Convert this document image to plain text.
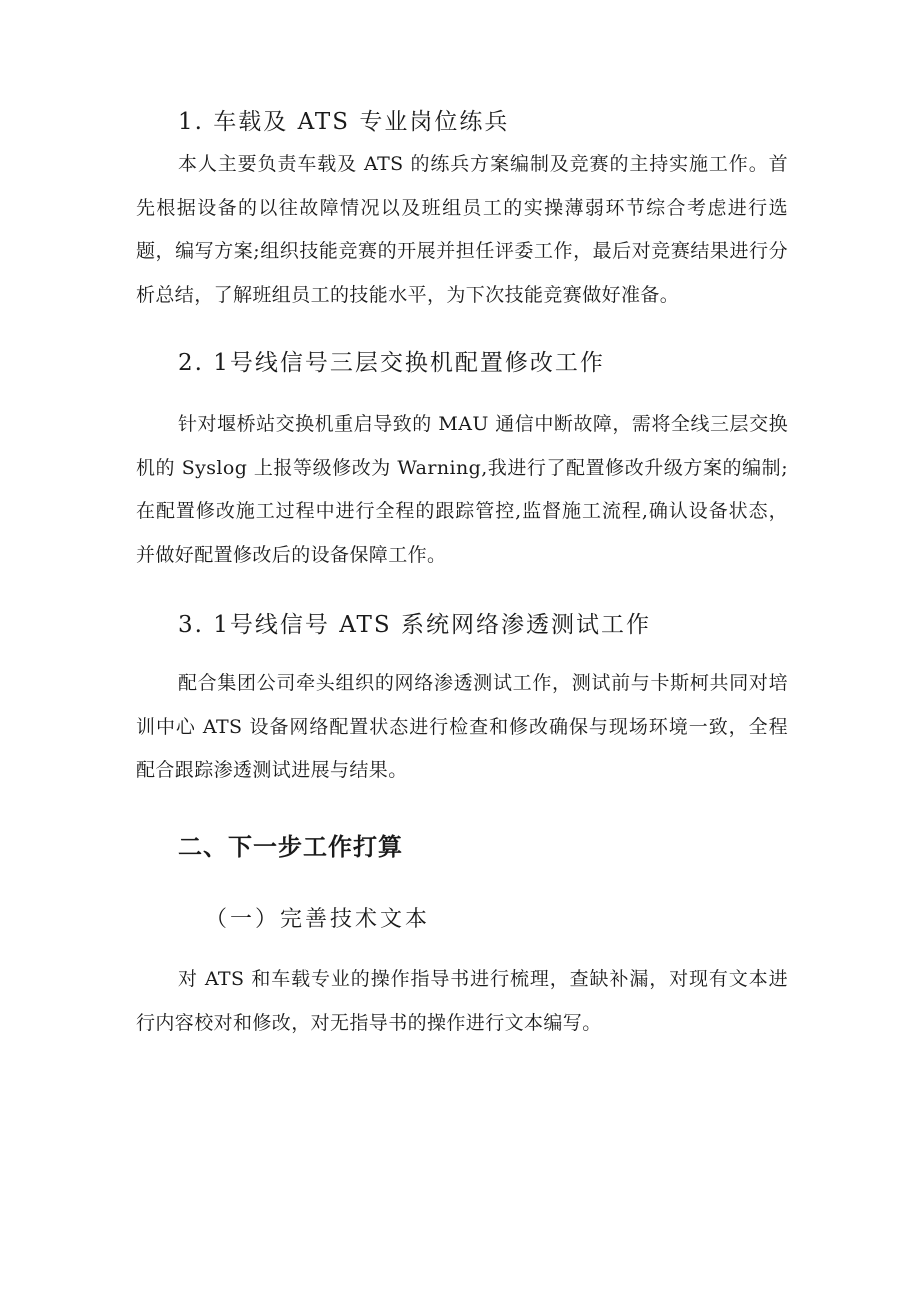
1. 车载及 ATS 专业岗位练兵

本人主要负责车载及 ATS 的练兵方案编制及竞赛的主持实施工作。首先根据设备的以往故障情况以及班组员工的实操薄弱环节综合考虑进行选题，编写方案;组织技能竞赛的开展并担任评委工作，最后对竞赛结果进行分析总结，了解班组员工的技能水平，为下次技能竞赛做好准备。

2. 1号线信号三层交换机配置修改工作

针对堰桥站交换机重启导致的 MAU 通信中断故障，需将全线三层交换机的 Syslog 上报等级修改为 Warning,我进行了配置修改升级方案的编制;在配置修改施工过程中进行全程的跟踪管控,监督施工流程,确认设备状态，并做好配置修改后的设备保障工作。

3. 1号线信号 ATS 系统网络渗透测试工作

配合集团公司牵头组织的网络渗透测试工作，测试前与卡斯柯共同对培训中心 ATS 设备网络配置状态进行检查和修改确保与现场环境一致，全程配合跟踪渗透测试进展与结果。

二、下一步工作打算
（一）完善技术文本

对 ATS 和车载专业的操作指导书进行梳理，查缺补漏，对现有文本进行内容校对和修改，对无指导书的操作进行文本编写。
